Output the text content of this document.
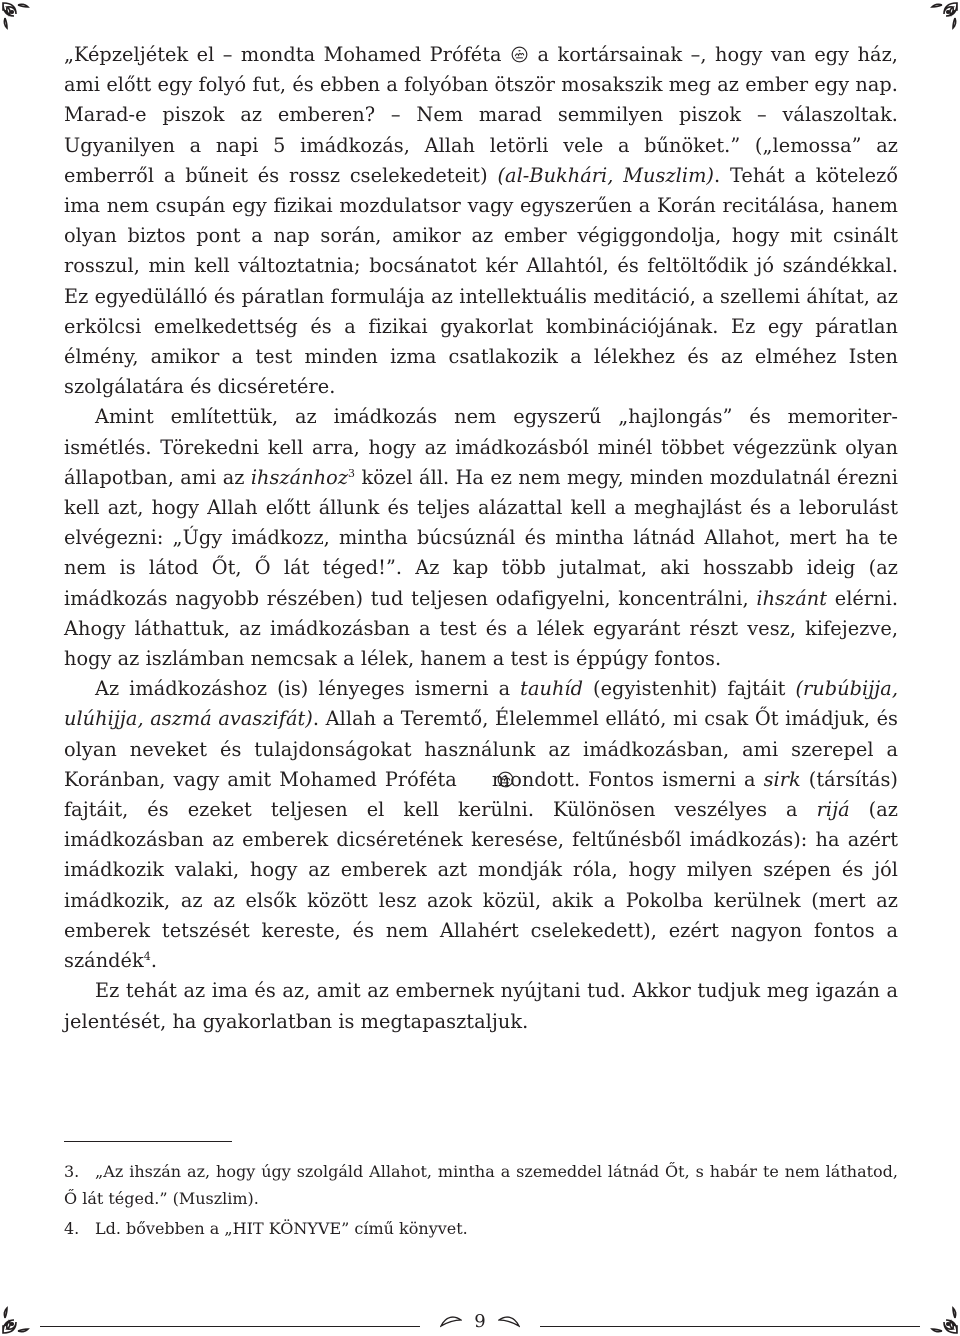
„Képzeljétek el – mondta Mohamed Próféta  a kortársainak –, hogy van egy ház, ami előtt egy folyó fut, és ebben a folyóban ötször mosakszik meg az ember egy nap. Marad-e piszok az emberen? – Nem marad semmilyen piszok – válaszoltak. Ugyanilyen a napi 5 imádkozás, Allah letörli vele a bűnöket.” („lemossa” az emberről a bűneit és rossz cselekedeteit) (al-Bukhári, Muszlim). Tehát a kötelező ima nem csupán egy fizikai mozdulatsor vagy egyszerűen a Korán recitálása, hanem olyan biztos pont a nap során, amikor az ember végiggondolja, hogy mit csinált rosszul, min kell változtatnia; bocsánatot kér Allahtól, és feltöltődik jó szándékkal. Ez egyedülálló és páratlan formulája az intellektuális meditáció, a szellemi áhítat, az erkölcsi emelkedettség és a fizikai gyakorlat kombinációjának. Ez egy páratlan élmény, amikor a test minden izma csatlakozik a lélekhez és az elméhez Isten szolgálatára és dicséretére.

Amint említettük, az imádkozás nem egyszerű „hajlongás” és memoriter-ismétlés. Törekedni kell arra, hogy az imádkozásból minél többet végezzünk olyan állapotban, ami az ihszánhoz$^3$ közel áll. Ha ez nem megy, minden mozdulatnál érezni kell azt, hogy Allah előtt állunk és teljes alázattal kell a meghajlást és a leborulást elvégezni: „Úgy imádkozz, mintha búcsúznál és mintha látnád Allahot, mert ha te nem is látod Őt, Ő lát téged!”. Az kap több jutalmat, aki hosszabb ideig (az imádkozás nagyobb részében) tud teljesen odafigyelni, koncentrálni, ihszánt elérni. Ahogy láthattuk, az imádkozásban a test és a lélek egyaránt részt vesz, kifejezve, hogy az iszlámban nemcsak a lélek, hanem a test is éppúgy fontos.

Az imádkozáshoz (is) lényeges ismerni a tauhíd (egyistenhit) fajtáit (rubúbijja, ulúhijja, aszmá avaszifát). Allah a Teremtő, Élelemmel ellátó, mi csak Őt imádjuk, és olyan neveket és tulajdonságokat használunk az imádkozásban, ami szerepel a Koránban, vagy amit Mohamed Próféta  mondott. Fontos ismerni a sirk (társítás) fajtáit, és ezeket teljesen el kell kerülni. Különösen veszélyes a rijá (az imádkozásban az emberek dicséretének keresése, feltűnésből imádkozás): ha azért imádkozik valaki, hogy az emberek azt mondják róla, hogy milyen szépen és jól imádkozik, az az elsők között lesz azok közül, akik a Pokolba kerülnek (mert az emberek tetszését kereste, és nem Allahért cselekedett), ezért nagyon fontos a szándék$^4$.

Ez tehát az ima és az, amit az embernek nyújtani tud. Akkor tudjuk meg igazán a jelentését, ha gyakorlatban is megtapasztaljuk.

3. „Az ihszán az, hogy úgy szolgáld Allahot, mintha a szemeddel látnád Őt, s habár te nem láthatod, Ő lát téged.” (Muszlim).
4. Ld. bővebben a „HIT KÖNYVE” című könyvet.
9
